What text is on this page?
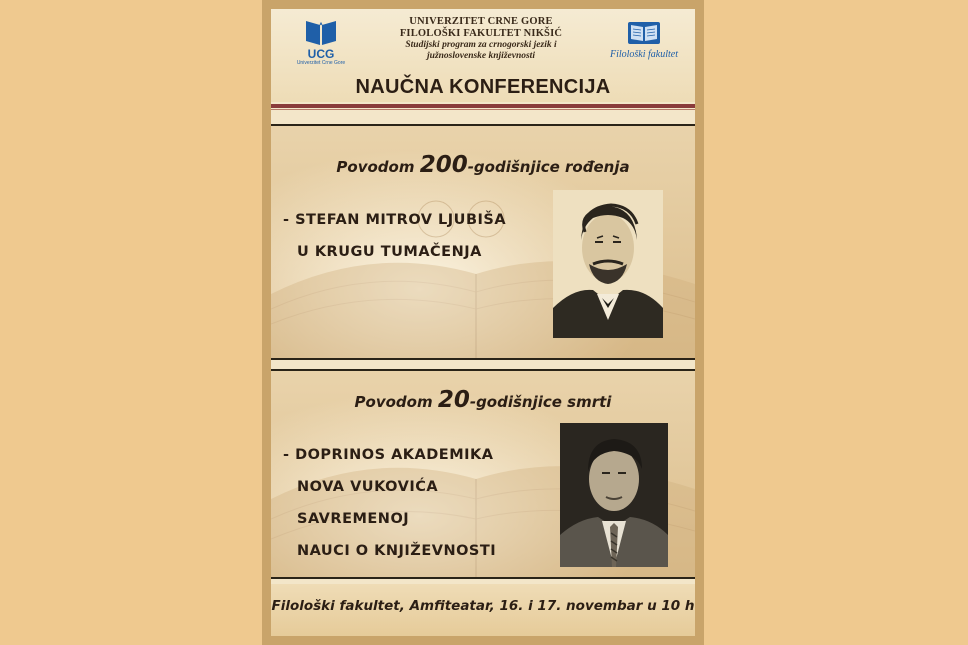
UCG
Univerzitet Crne Gore
UNIVERZITET CRNE GORE
FILOLOŠKI FAKULTET NIKŠIĆ
Studijski program za crnogorski jezik i
južnoslovenske književnosti	Filološki fakultet
NAUČNA KONFERENCIJA
Povodom 200-godišnjice rođenja
- STEFAN MITROV LJUBIŠA
U KRUGU TUMAČENJA
Povodom 20-godišnjice smrti
- DOPRINOS AKADEMIKA
NOVA VUKOVIĆA
SAVREMENOJ
NAUCI O KNJIŽEVNOSTI
Filološki fakultet, Amfiteatar, 16. i 17. novembar u 10 h
